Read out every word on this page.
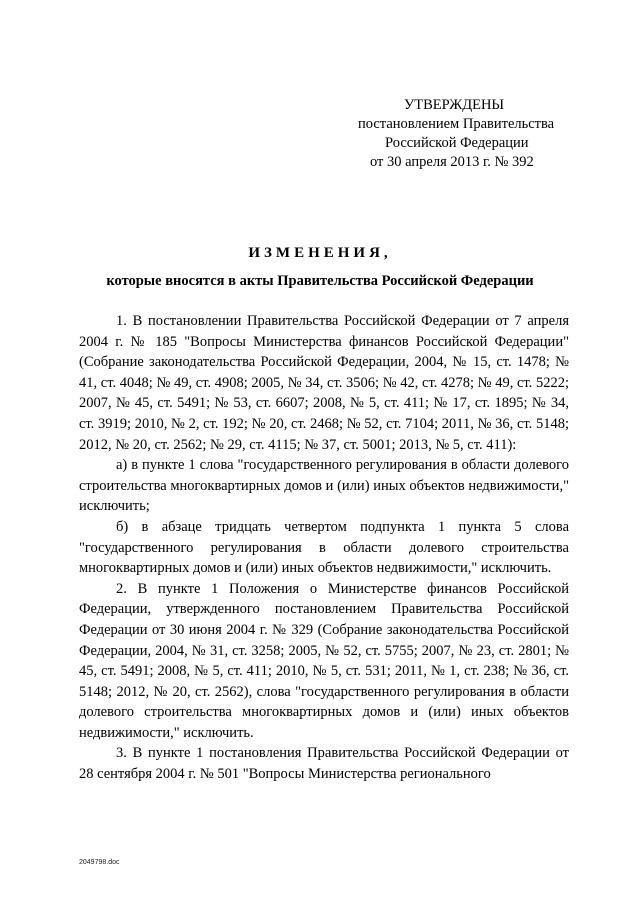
УТВЕРЖДЕНЫ
постановлением Правительства
Российской Федерации
от 30 апреля 2013 г. № 392
ИЗМЕНЕНИЯ,
которые вносятся в акты Правительства Российской Федерации

1. В постановлении Правительства Российской Федерации от 7 апреля 2004 г. № 185 "Вопросы Министерства финансов Российской Федерации" (Собрание законодательства Российской Федерации, 2004, № 15, ст. 1478; № 41, ст. 4048; № 49, ст. 4908; 2005, № 34, ст. 3506; № 42, ст. 4278; № 49, ст. 5222; 2007, № 45, ст. 5491; № 53, ст. 6607; 2008, № 5, ст. 411; № 17, ст. 1895; № 34, ст. 3919; 2010, № 2, ст. 192; № 20, ст. 2468; № 52, ст. 7104; 2011, № 36, ст. 5148; 2012, № 20, ст. 2562; № 29, ст. 4115; № 37, ст. 5001; 2013, № 5, ст. 411):

а) в пункте 1 слова "государственного регулирования в области долевого строительства многоквартирных домов и (или) иных объектов недвижимости," исключить;

б) в абзаце тридцать четвертом подпункта 1 пункта 5 слова "государственного регулирования в области долевого строительства многоквартирных домов и (или) иных объектов недвижимости," исключить.

2. В пункте 1 Положения о Министерстве финансов Российской Федерации, утвержденного постановлением Правительства Российской Федерации от 30 июня 2004 г. № 329 (Собрание законодательства Российской Федерации, 2004, № 31, ст. 3258; 2005, № 52, ст. 5755; 2007, № 23, ст. 2801; № 45, ст. 5491; 2008, № 5, ст. 411; 2010, № 5, ст. 531; 2011, № 1, ст. 238; № 36, ст. 5148; 2012, № 20, ст. 2562), слова "государственного регулирования в области долевого строительства многоквартирных домов и (или) иных объектов недвижимости," исключить.

3. В пункте 1 постановления Правительства Российской Федерации от 28 сентября 2004 г. № 501 "Вопросы Министерства регионального

2049798.doc
